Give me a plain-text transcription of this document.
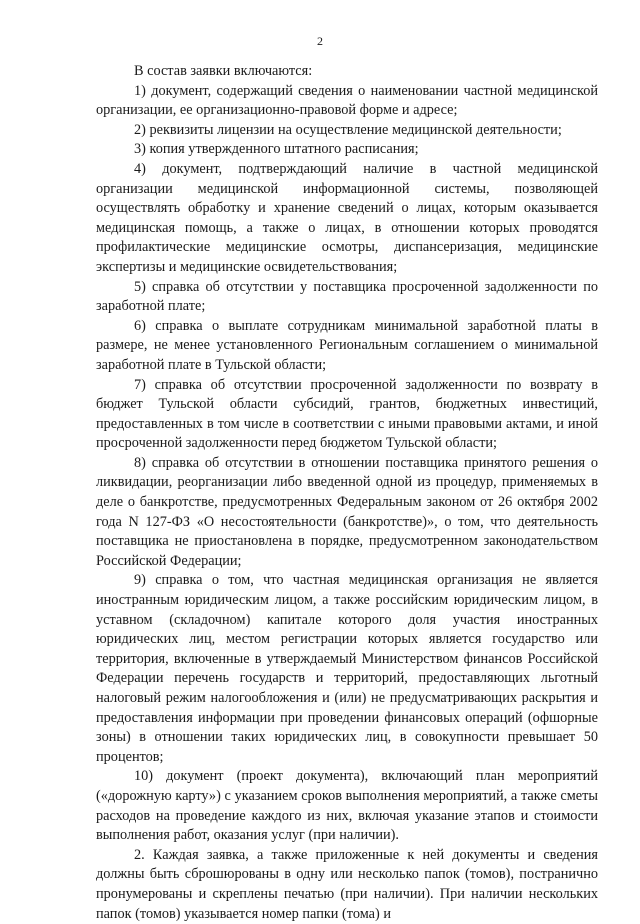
2

В состав заявки включаются:

1) документ, содержащий сведения о наименовании частной медицинской организации, ее организационно-правовой форме и адресе;

2) реквизиты лицензии на осуществление медицинской деятельности;

3) копия утвержденного штатного расписания;

4) документ, подтверждающий наличие в частной медицинской организации медицинской информационной системы, позволяющей осуществлять обработку и хранение сведений о лицах, которым оказывается медицинская помощь, а также о лицах, в отношении которых проводятся профилактические медицинские осмотры, диспансеризация, медицинские экспертизы и медицинские освидетельствования;

5) справка об отсутствии у поставщика просроченной задолженности по заработной плате;

6) справка о выплате сотрудникам минимальной заработной платы в размере, не менее установленного Региональным соглашением о минимальной заработной плате в Тульской области;

7) справка об отсутствии просроченной задолженности по возврату в бюджет Тульской области субсидий, грантов, бюджетных инвестиций, предоставленных в том числе в соответствии с иными правовыми актами, и иной просроченной задолженности перед бюджетом Тульской области;

8) справка об отсутствии в отношении поставщика принятого решения о ликвидации, реорганизации либо введенной одной из процедур, применяемых в деле о банкротстве, предусмотренных Федеральным законом от 26 октября 2002 года N 127-ФЗ «О несостоятельности (банкротстве)», о том, что деятельность поставщика не приостановлена в порядке, предусмотренном законодательством Российской Федерации;

9) справка о том, что частная медицинская организация не является иностранным юридическим лицом, а также российским юридическим лицом, в уставном (складочном) капитале которого доля участия иностранных юридических лиц, местом регистрации которых является государство или территория, включенные в утверждаемый Министерством финансов Российской Федерации перечень государств и территорий, предоставляющих льготный налоговый режим налогообложения и (или) не предусматривающих раскрытия и предоставления информации при проведении финансовых операций (офшорные зоны) в отношении таких юридических лиц, в совокупности превышает 50 процентов;

10) документ (проект документа), включающий план мероприятий («дорожную карту») с указанием сроков выполнения мероприятий, а также сметы расходов на проведение каждого из них, включая указание этапов и стоимости выполнения работ, оказания услуг (при наличии).

2. Каждая заявка, а также приложенные к ней документы и сведения должны быть сброшюрованы в одну или несколько папок (томов), постранично пронумерованы и скреплены печатью (при наличии). При наличии нескольких папок (томов) указывается номер папки (тома) и
